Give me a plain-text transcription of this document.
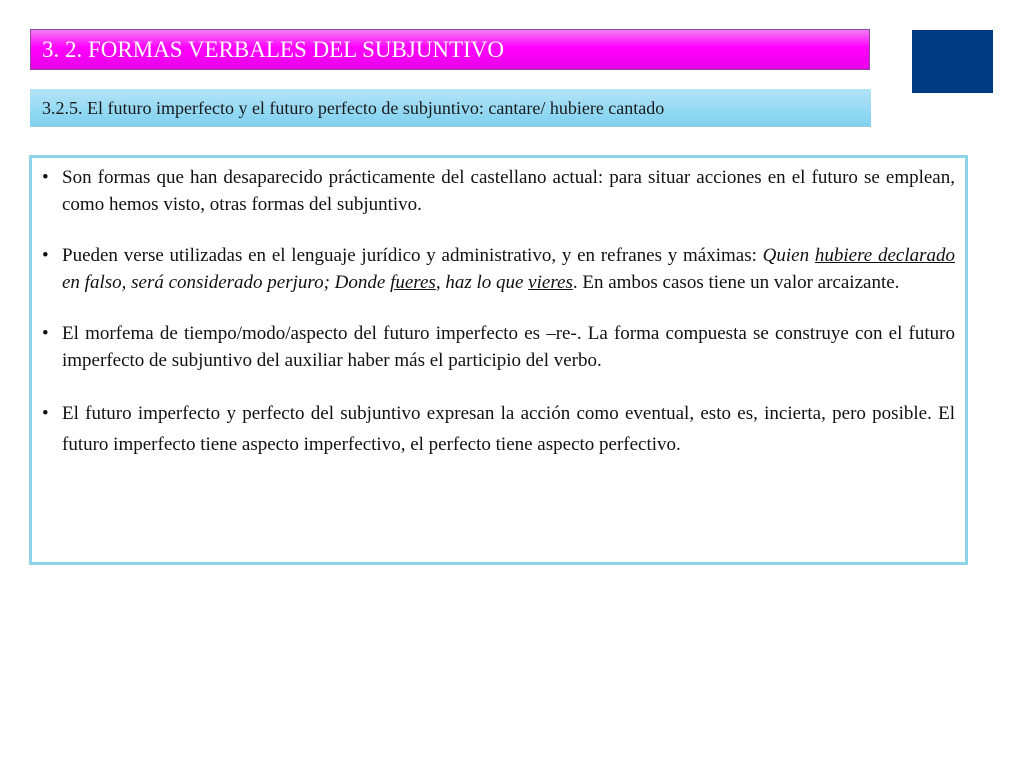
3. 2. FORMAS VERBALES DEL SUBJUNTIVO
3.2.5. El futuro imperfecto y el futuro perfecto de subjuntivo: cantare/ hubiere cantado
• Son formas que han desaparecido prácticamente del castellano actual: para situar acciones en el futuro se emplean, como hemos visto, otras formas del subjuntivo.
• Pueden verse utilizadas en el lenguaje jurídico y administrativo, y en refranes y máximas: Quien hubiere declarado en falso, será considerado perjuro; Donde fueres, haz lo que vieres. En ambos casos tiene un valor arcaizante.
• El morfema de tiempo/modo/aspecto del futuro imperfecto es –re-. La forma compuesta se construye con el futuro imperfecto de subjuntivo del auxiliar haber más el participio del verbo.
• El futuro imperfecto y perfecto del subjuntivo expresan la acción como eventual, esto es, incierta, pero posible. El futuro imperfecto tiene aspecto imperfectivo, el perfecto tiene aspecto perfectivo.
